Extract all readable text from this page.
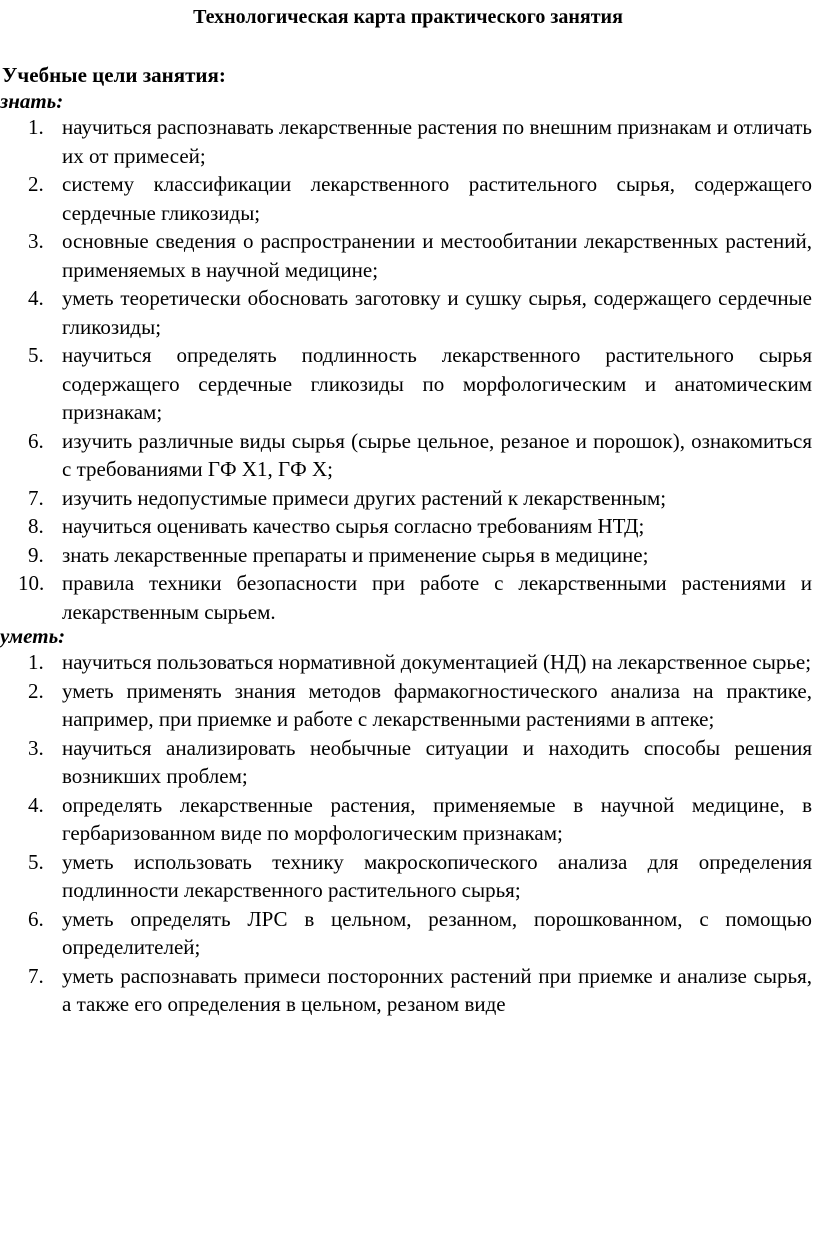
Технологическая карта практического занятия
Учебные цели занятия:
знать:
1. научиться распознавать лекарственные растения по внешним признакам и отличать их от примесей;
2. систему классификации лекарственного растительного сырья, содержащего сердечные гликозиды;
3. основные сведения о распространении и местообитании лекарственных растений, применяемых в научной медицине;
4. уметь теоретически обосновать заготовку и сушку сырья, содержащего сердечные гликозиды;
5. научиться определять подлинность лекарственного растительного сырья содержащего сердечные гликозиды по морфологическим и анатомическим признакам;
6. изучить различные виды сырья (сырье цельное, резаное и порошок), ознакомиться с требованиями ГФ Х1, ГФ Х;
7. изучить недопустимые примеси других растений к лекарственным;
8. научиться оценивать качество сырья согласно требованиям НТД;
9. знать лекарственные препараты и применение сырья в медицине;
10. правила техники безопасности при работе с лекарственными растениями и лекарственным сырьем.
уметь:
1. научиться пользоваться нормативной документацией (НД) на лекарственное сырье;
2. уметь применять знания методов фармакогностического анализа на практике, например, при приемке и работе с лекарственными растениями в аптеке;
3. научиться анализировать необычные ситуации и находить способы решения возникших проблем;
4. определять лекарственные растения, применяемые в научной медицине, в гербаризованном виде по морфологическим признакам;
5. уметь использовать технику макроскопического анализа для определения подлинности лекарственного растительного сырья;
6. уметь определять ЛРС в цельном, резанном, порошкованном, с помощью определителей;
7. уметь распознавать примеси посторонних растений при приемке и анализе сырья, а также его определения в цельном, резаном виде
